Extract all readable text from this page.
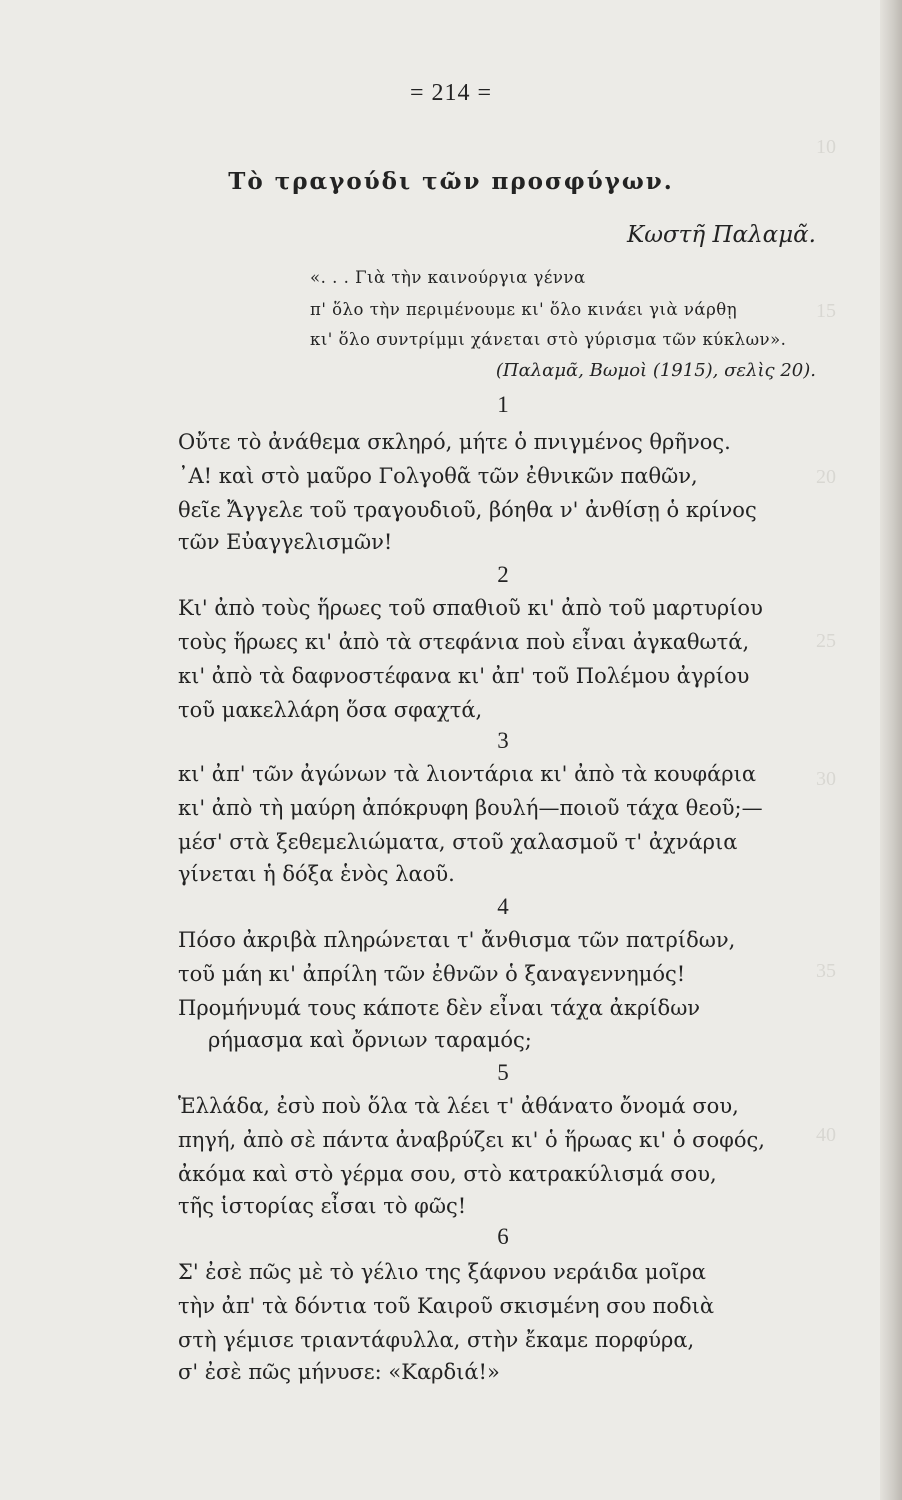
10
15
20
25
30
35
40
= 214 =
Τὸ τραγούδι τῶν προσφύγων.
Κωστῆ Παλαμᾶ.
«. . . Γιὰ τὴν καινούργια γέννα
π' ὅλο τὴν περιμένουμε κι' ὅλο κινάει γιὰ νάρθῃ
κι' ὅλο συντρίμμι χάνεται στὸ γύρισμα τῶν κύκλων».
(Παλαμᾶ, Βωμοὶ (1915), σελὶς 20).
1
Οὔτε τὸ ἀνάθεμα σκληρό, μήτε ὁ πνιγμένος θρῆνος.
᾿Α! καὶ στὸ μαῦρο Γολγοθᾶ τῶν ἐθνικῶν παθῶν,
θεῖε Ἄγγελε τοῦ τραγουδιοῦ, βόηθα ν' ἀνθίσῃ ὁ κρίνος
τῶν Εὐαγγελισμῶν!
2
Κι' ἀπὸ τοὺς ἥρωες τοῦ σπαθιοῦ κι' ἀπὸ τοῦ μαρτυρίου
τοὺς ἥρωες κι' ἀπὸ τὰ στεφάνια ποὺ εἶναι ἀγκαθωτά,
κι' ἀπὸ τὰ δαφνοστέφανα κι' ἀπ' τοῦ Πολέμου ἀγρίου
τοῦ μακελλάρη ὅσα σφαχτά,
3
κι' ἀπ' τῶν ἀγώνων τὰ λιοντάρια κι' ἀπὸ τὰ κουφάρια
κι' ἀπὸ τὴ μαύρη ἀπόκρυφη βουλή—ποιοῦ τάχα θεοῦ;—
μέσ' στὰ ξεθεμελιώματα, στοῦ χαλασμοῦ τ' ἀχνάρια
γίνεται ἡ δόξα ἑνὸς λαοῦ.
4
Πόσο ἀκριβὰ πληρώνεται τ' ἄνθισμα τῶν πατρίδων,
τοῦ μάη κι' ἀπρίλη τῶν ἐθνῶν ὁ ξαναγεννημός!
Προμήνυμά τους κάποτε δὲν εἶναι τάχα ἀκρίδων
ρήμασμα καὶ ὄρνιων ταραμός;
5
Ἑλλάδα, ἐσὺ ποὺ ὅλα τὰ λέει τ' ἀθάνατο ὄνομά σου,
πηγή, ἀπὸ σὲ πάντα ἀναβρύζει κι' ὁ ἥρωας κι' ὁ σοφός,
ἀκόμα καὶ στὸ γέρμα σου, στὸ κατρακύλισμά σου,
τῆς ἱστορίας εἶσαι τὸ φῶς!
6
Σ' ἐσὲ πῶς μὲ τὸ γέλιο της ξάφνου νεράιδα μοῖρα
τὴν ἀπ' τὰ δόντια τοῦ Καιροῦ σκισμένη σου ποδιὰ
στὴ γέμισε τριαντάφυλλα, στὴν ἔκαμε πορφύρα,
σ' ἐσὲ πῶς μήνυσε: «Καρδιά!»
